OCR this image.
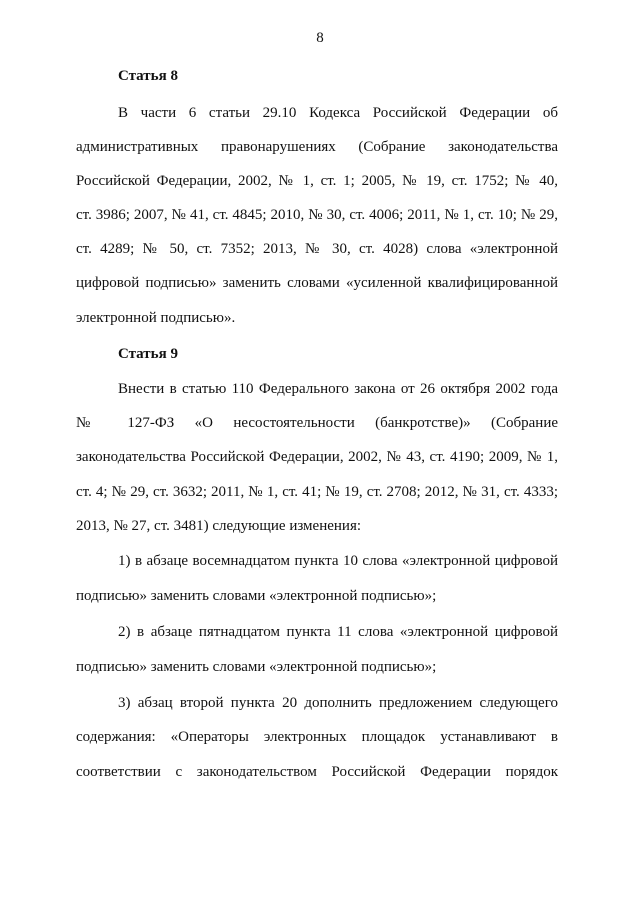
8
Статья 8
В части 6 статьи 29.10 Кодекса Российской Федерации об
административных правонарушениях (Собрание законодательства
Российской Федерации, 2002, № 1, ст. 1; 2005, № 19, ст. 1752; № 40,
ст. 3986; 2007, № 41, ст. 4845; 2010, № 30, ст. 4006; 2011, № 1, ст. 10; № 29,
ст. 4289; № 50, ст. 7352; 2013, № 30, ст. 4028) слова «электронной
цифровой подписью» заменить словами «усиленной квалифицированной
электронной подписью».
Статья 9
Внести в статью 110 Федерального закона от 26 октября 2002 года
№ 127-ФЗ «О несостоятельности (банкротстве)» (Собрание
законодательства Российской Федерации, 2002, № 43, ст. 4190; 2009, № 1,
ст. 4; № 29, ст. 3632; 2011, № 1, ст. 41; № 19, ст. 2708; 2012, № 31, ст. 4333;
2013, № 27, ст. 3481) следующие изменения:
1) в абзаце восемнадцатом пункта 10 слова «электронной цифровой
подписью» заменить словами «электронной подписью»;
2) в абзаце пятнадцатом пункта 11 слова «электронной цифровой
подписью» заменить словами «электронной подписью»;
3) абзац второй пункта 20 дополнить предложением следующего
содержания: «Операторы электронных площадок устанавливают в
соответствии с законодательством Российской Федерации порядок
